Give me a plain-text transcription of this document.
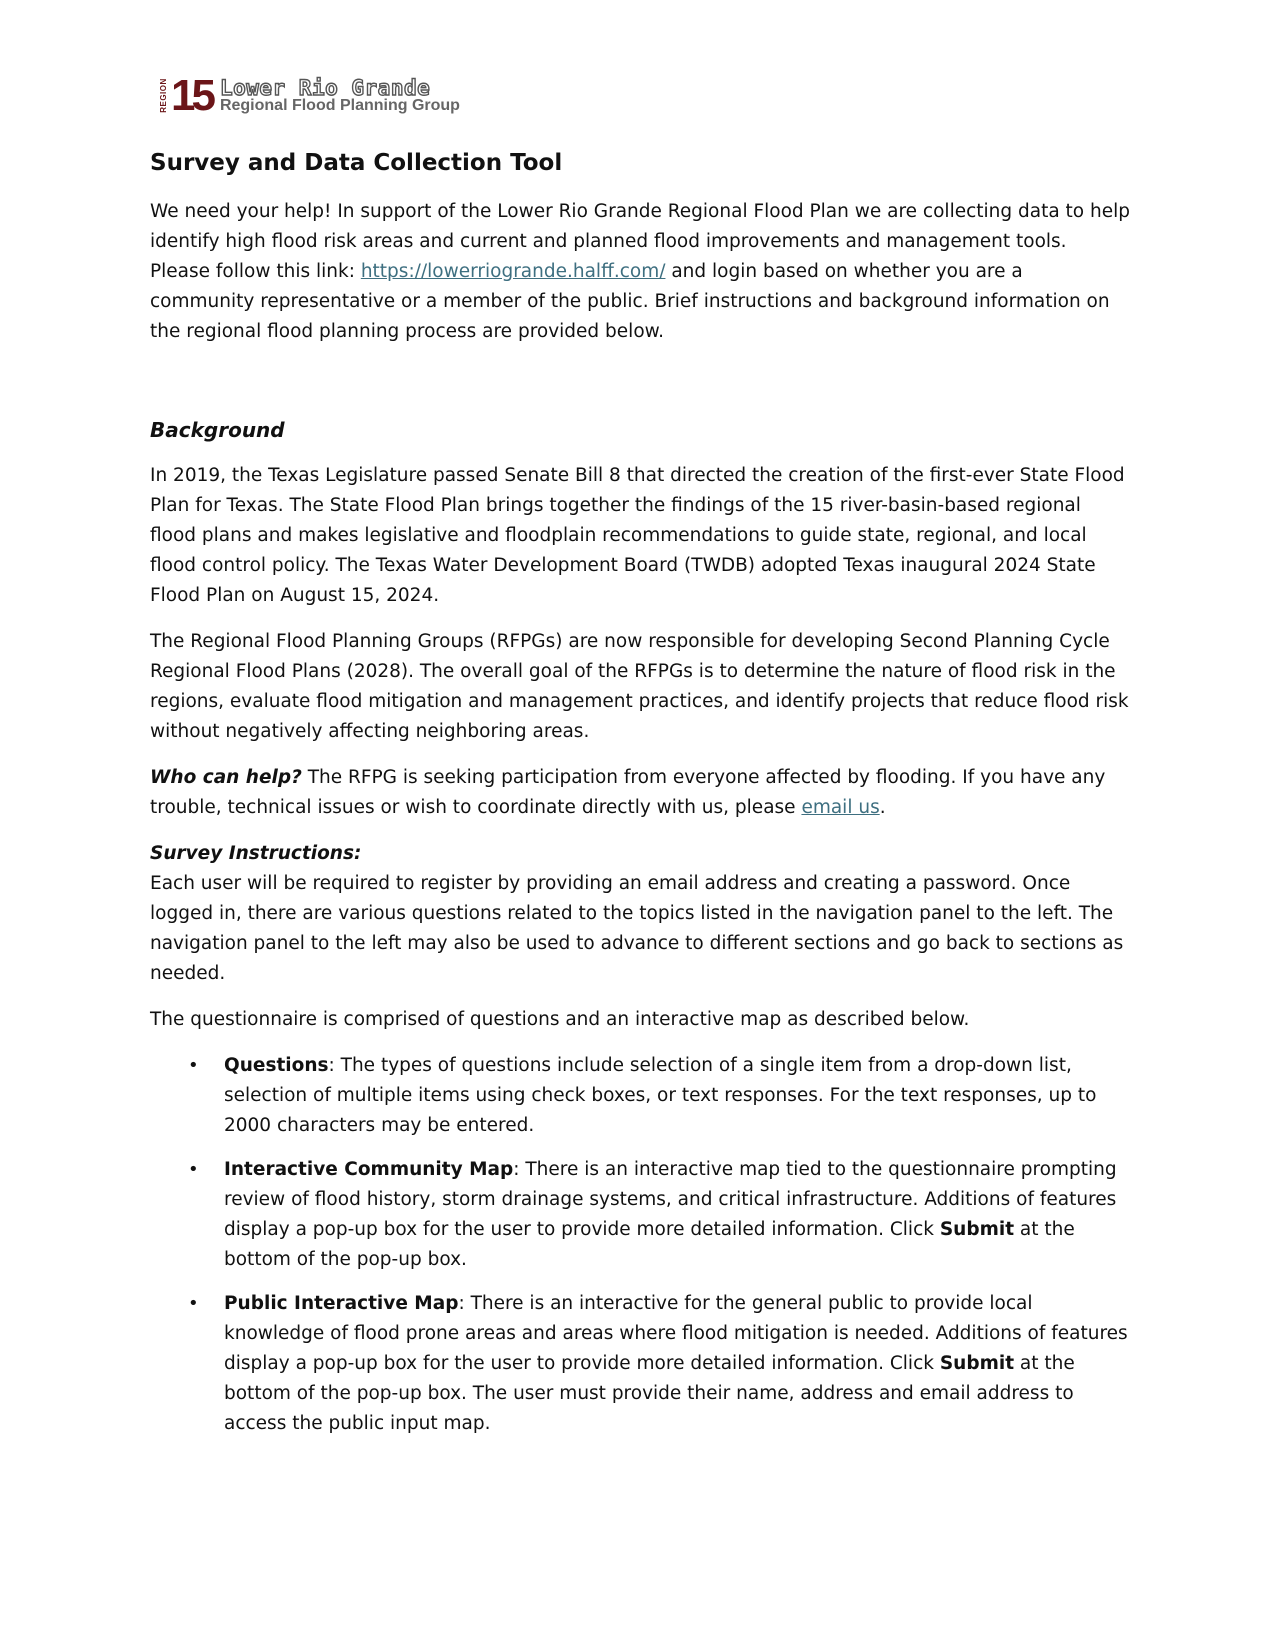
REGION 15 Lower Rio Grande
Regional Flood Planning Group
Survey and Data Collection Tool

We need your help! In support of the Lower Rio Grande Regional Flood Plan we are collecting data to help identify high flood risk areas and current and planned flood improvements and management tools. Please follow this link: https://lowerriogrande.halff.com/ and login based on whether you are a community representative or a member of the public. Brief instructions and background information on the regional flood planning process are provided below.

Background

In 2019, the Texas Legislature passed Senate Bill 8 that directed the creation of the first-ever State Flood Plan for Texas. The State Flood Plan brings together the findings of the 15 river-basin-based regional flood plans and makes legislative and floodplain recommendations to guide state, regional, and local flood control policy. The Texas Water Development Board (TWDB) adopted Texas inaugural 2024 State Flood Plan on August 15, 2024.

The Regional Flood Planning Groups (RFPGs) are now responsible for developing Second Planning Cycle Regional Flood Plans (2028). The overall goal of the RFPGs is to determine the nature of flood risk in the regions, evaluate flood mitigation and management practices, and identify projects that reduce flood risk without negatively affecting neighboring areas.

Who can help? The RFPG is seeking participation from everyone affected by flooding. If you have any trouble, technical issues or wish to coordinate directly with us, please email us.

Survey Instructions:
Each user will be required to register by providing an email address and creating a password. Once logged in, there are various questions related to the topics listed in the navigation panel to the left. The navigation panel to the left may also be used to advance to different sections and go back to sections as needed.

The questionnaire is comprised of questions and an interactive map as described below.

• Questions: The types of questions include selection of a single item from a drop-down list, selection of multiple items using check boxes, or text responses. For the text responses, up to 2000 characters may be entered.
• Interactive Community Map: There is an interactive map tied to the questionnaire prompting review of flood history, storm drainage systems, and critical infrastructure. Additions of features display a pop-up box for the user to provide more detailed information. Click Submit at the bottom of the pop-up box.
• Public Interactive Map: There is an interactive for the general public to provide local knowledge of flood prone areas and areas where flood mitigation is needed. Additions of features display a pop-up box for the user to provide more detailed information. Click Submit at the bottom of the pop-up box. The user must provide their name, address and email address to access the public input map.
